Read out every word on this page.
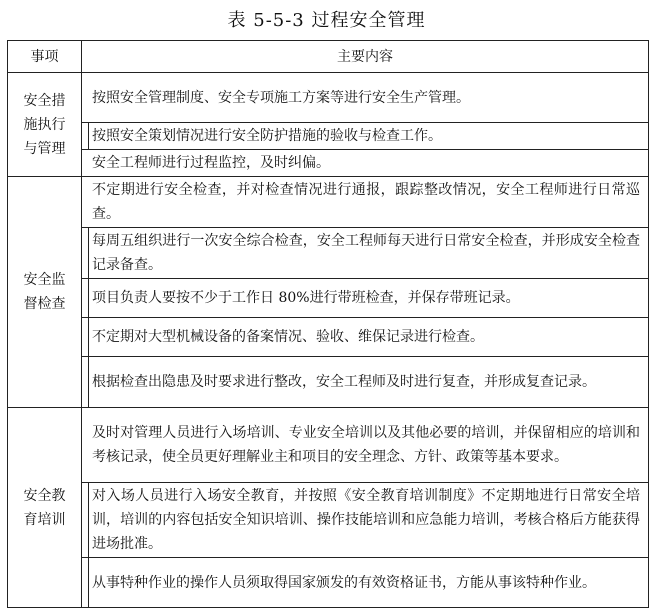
表 5-5-3 过程安全管理
事项	主要内容
安全措施执行与管理	按照安全管理制度、安全专项施工方案等进行安全生产管理。
	按照安全策划情况进行安全防护措施的验收与检查工作。
	安全工程师进行过程监控，及时纠偏。
安全监督检查	不定期进行安全检查，并对检查情况进行通报，跟踪整改情况，安全工程师进行日常巡查。
	每周五组织进行一次安全综合检查，安全工程师每天进行日常安全检查，并形成安全检查记录备查。
	项目负责人要按不少于工作日 80%进行带班检查，并保存带班记录。
	不定期对大型机械设备的备案情况、验收、维保记录进行检查。
	根据检查出隐患及时要求进行整改，安全工程师及时进行复查，并形成复查记录。
安全教育培训	及时对管理人员进行入场培训、专业安全培训以及其他必要的培训，并保留相应的培训和考核记录，使全员更好理解业主和项目的安全理念、方针、政策等基本要求。
	对入场人员进行入场安全教育，并按照《安全教育培训制度》不定期地进行日常安全培训，培训的内容包括安全知识培训、操作技能培训和应急能力培训，考核合格后方能获得进场批准。
	从事特种作业的操作人员须取得国家颁发的有效资格证书，方能从事该特种作业。
